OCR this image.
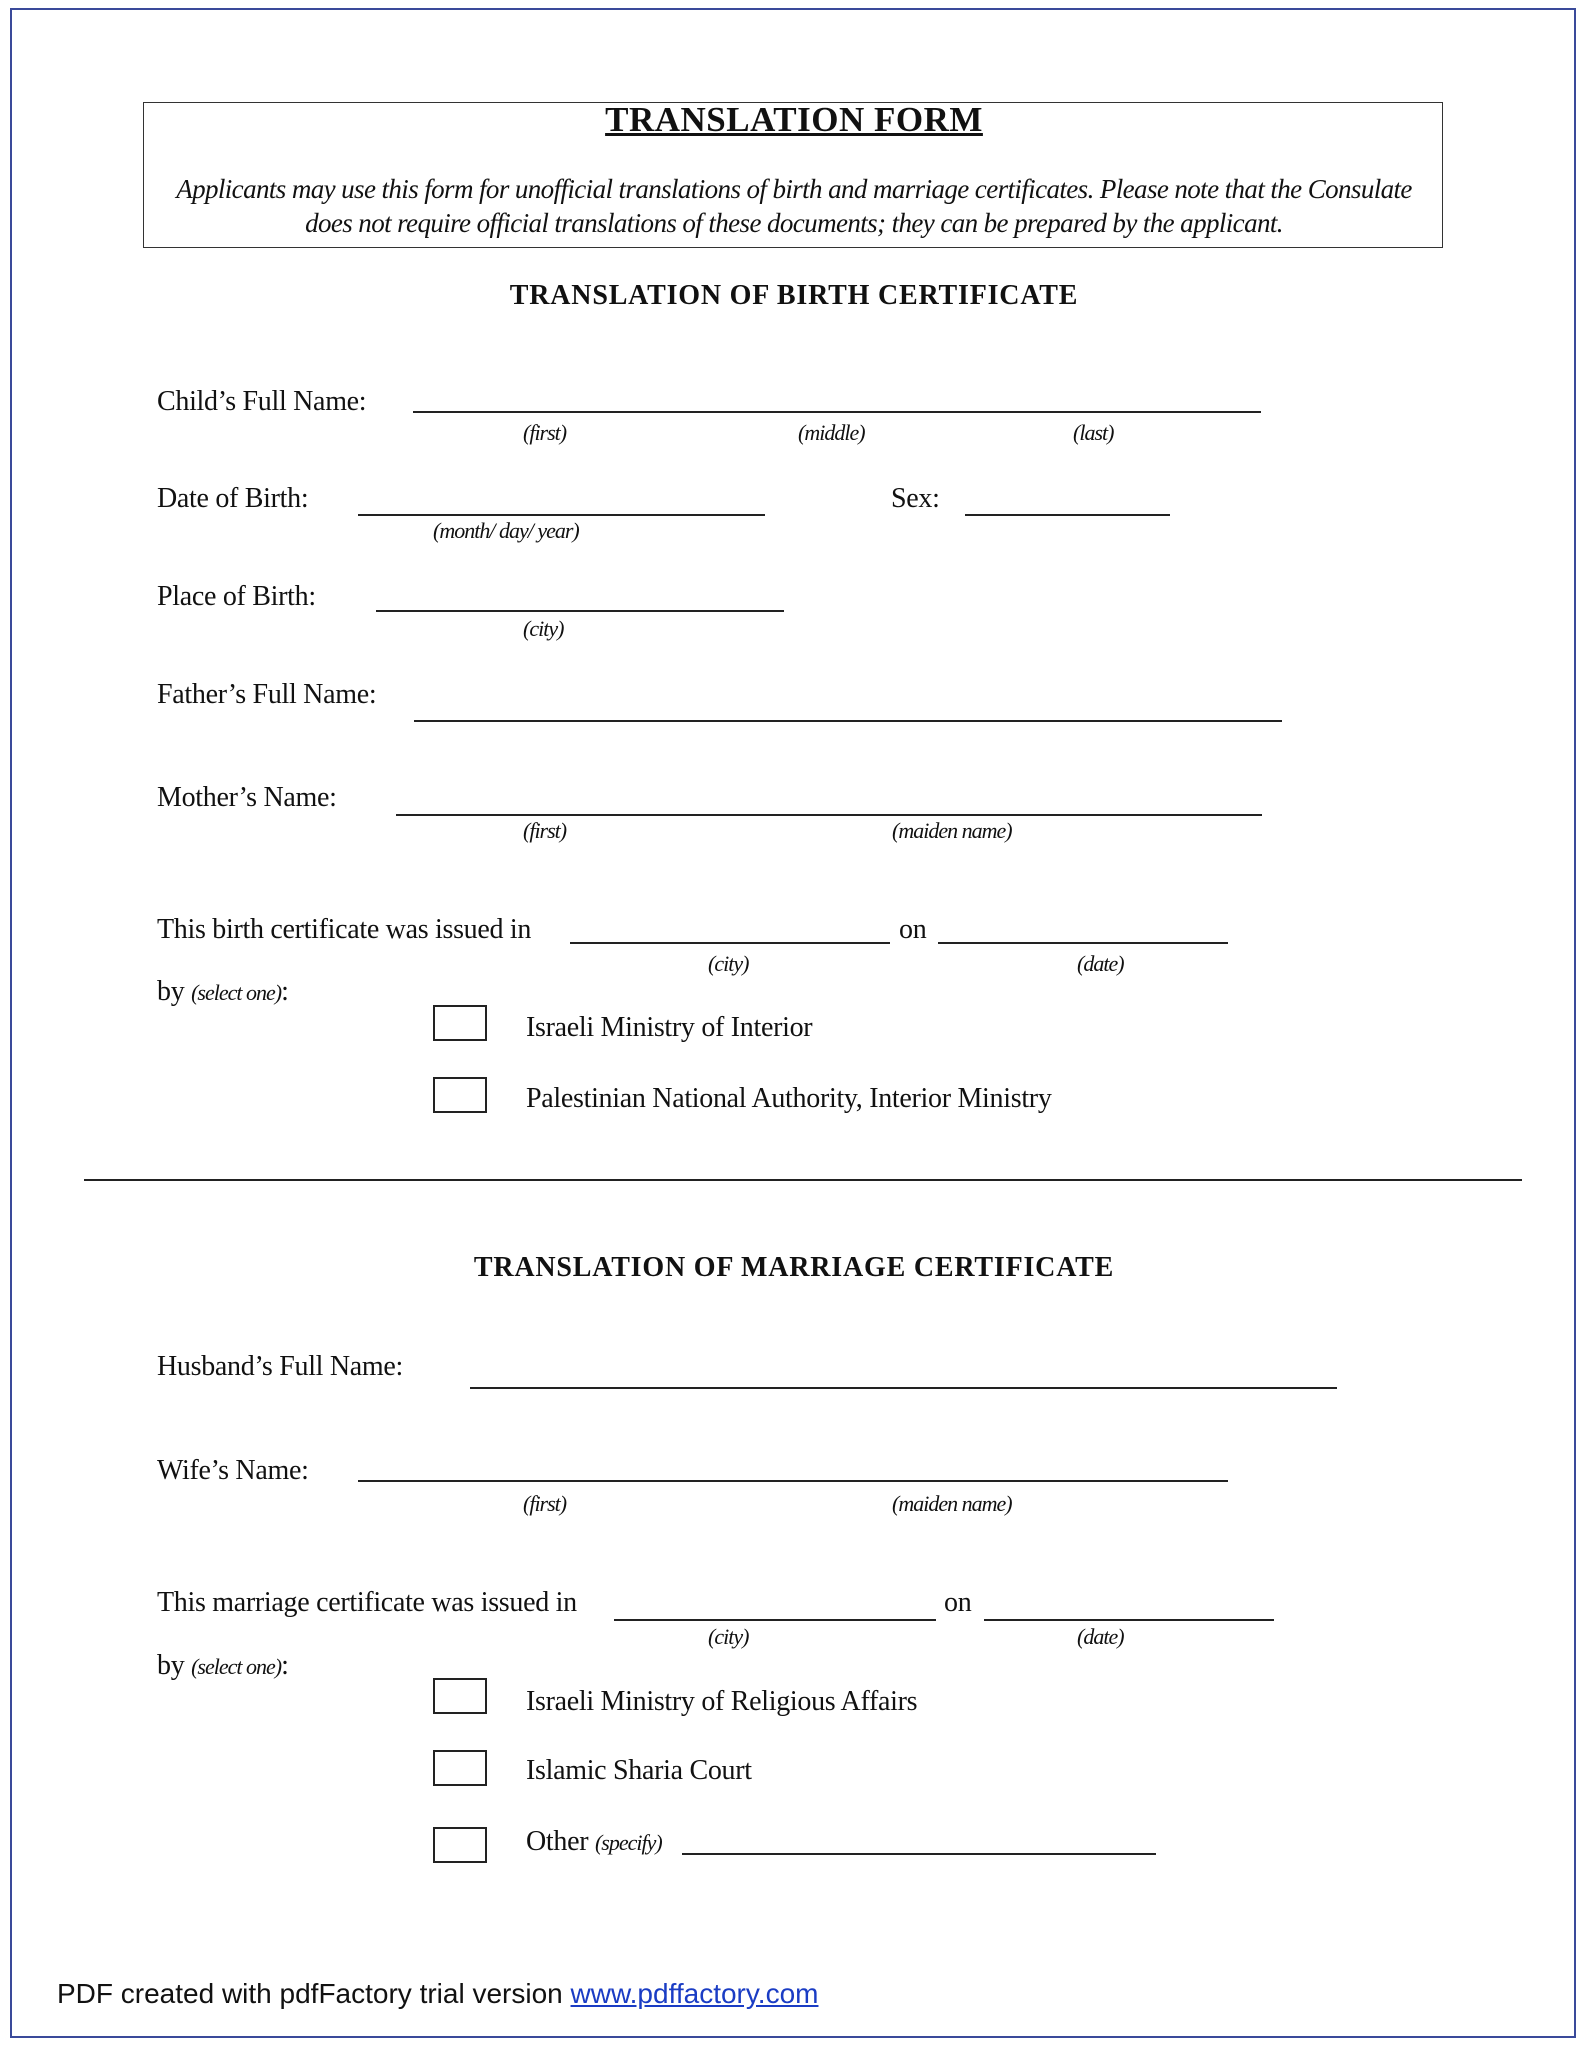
TRANSLATION FORM
Applicants may use this form for unofficial translations of birth and marriage certificates. Please note that the Consulate does not require official translations of these documents; they can be prepared by the applicant.
TRANSLATION OF BIRTH CERTIFICATE
Child’s Full Name:
(first)	(middle)	(last)
Date of Birth:
(month/ day/ year)
Sex:
Place of Birth:
(city)
Father’s Full Name:
Mother’s Name:
(first)	(maiden name)
This birth certificate was issued in	on
(city)	(date)
by (select one):
Israeli Ministry of Interior
Palestinian National Authority, Interior Ministry
TRANSLATION OF MARRIAGE CERTIFICATE
Husband’s Full Name:
Wife’s Name:
(first)	(maiden name)
This marriage certificate was issued in	on
(city)	(date)
by (select one):
Israeli Ministry of Religious Affairs
Islamic Sharia Court
Other (specify)
PDF created with pdfFactory trial version www.pdffactory.com
